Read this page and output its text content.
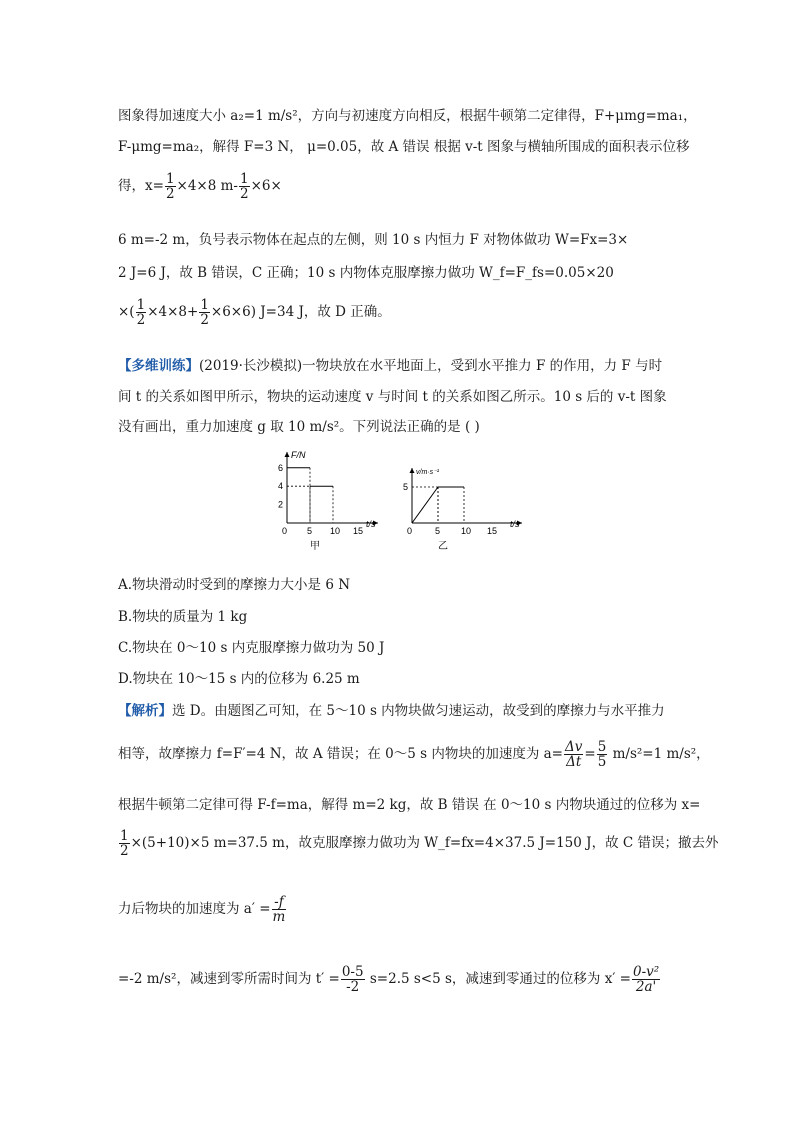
图象得加速度大小 a₂=1 m/s²，方向与初速度方向相反，根据牛顿第二定律得，F+μmg=ma₁，
F-μmg=ma₂，解得 F=3 N， μ=0.05，故 A 错误 根据 v-t 图象与横轴所围成的面积表示位移
得，$x= \frac{1}{2} \times 4\times 8$ $m- \frac{1}{2} \times 6\times$
6 m=-2 m，负号表示物体在起点的左侧，则 10 s 内恒力 F 对物体做功 W=Fx=3×
2 J=6 J，故 B 错误，C 正确；10 s 内物体克服摩擦力做功 W_f=F_fs=0.05×20
×( $\frac{1}{2} \times 4\times 8+ \frac{1}{2} \times 6\times 6$) J=34 J，故 D 正确。
【多维训练】(2019·长沙模拟)一物块放在水平地面上，受到水平推力 F 的作用，力 F 与时
间 t 的关系如图甲所示，物块的运动速度 v 与时间 t 的关系如图乙所示。10 s 后的 v-t 图象
没有画出，重力加速度 g 取 10 m/s²。下列说法正确的是 ( )
F/N
t/s
0 5 10 15
2
4
6
甲
v/m·s⁻¹
t/s
0	5 10 15
5
乙
A.物块滑动时受到的摩擦力大小是 6 N
B.物块的质量为 1 kg
C.物块在 0～10 s 内克服摩擦力做功为 50 J
D.物块在 10～15 s 内的位移为 6.25 m
【解析】选 D。由题图乙可知，在 5～10 s 内物块做匀速运动，故受到的摩擦力与水平推力
相等，故摩擦力 f=F′=4 N，故 A 错误；在 0～5 s 内物块的加速度为 $a= \frac{\Delta v}{\Delta t} = \frac{5}{5} m/s^2=1$ m/s²，
根据牛顿第二定律可得 F-f=ma，解得 m=2 kg，故 B 错误 在 0～10 s 内物块通过的位移为 x=
$\frac{1}{2} \times(5+10)\times 5$ m=37.5 m，故克服摩擦力做功为 W_f=fx=4×37.5 J=150 J，故 C 错误；撤去外
力后物块的加速度为 $a' = \frac{-f}{m}$
=-2 m/s²，减速到零所需时间为 $t' = \frac{0-5}{-2} s=2.5$ s<5 s，减速到零通过的位移为 $x' = \frac{\text{0-v²}}{2a'}$
